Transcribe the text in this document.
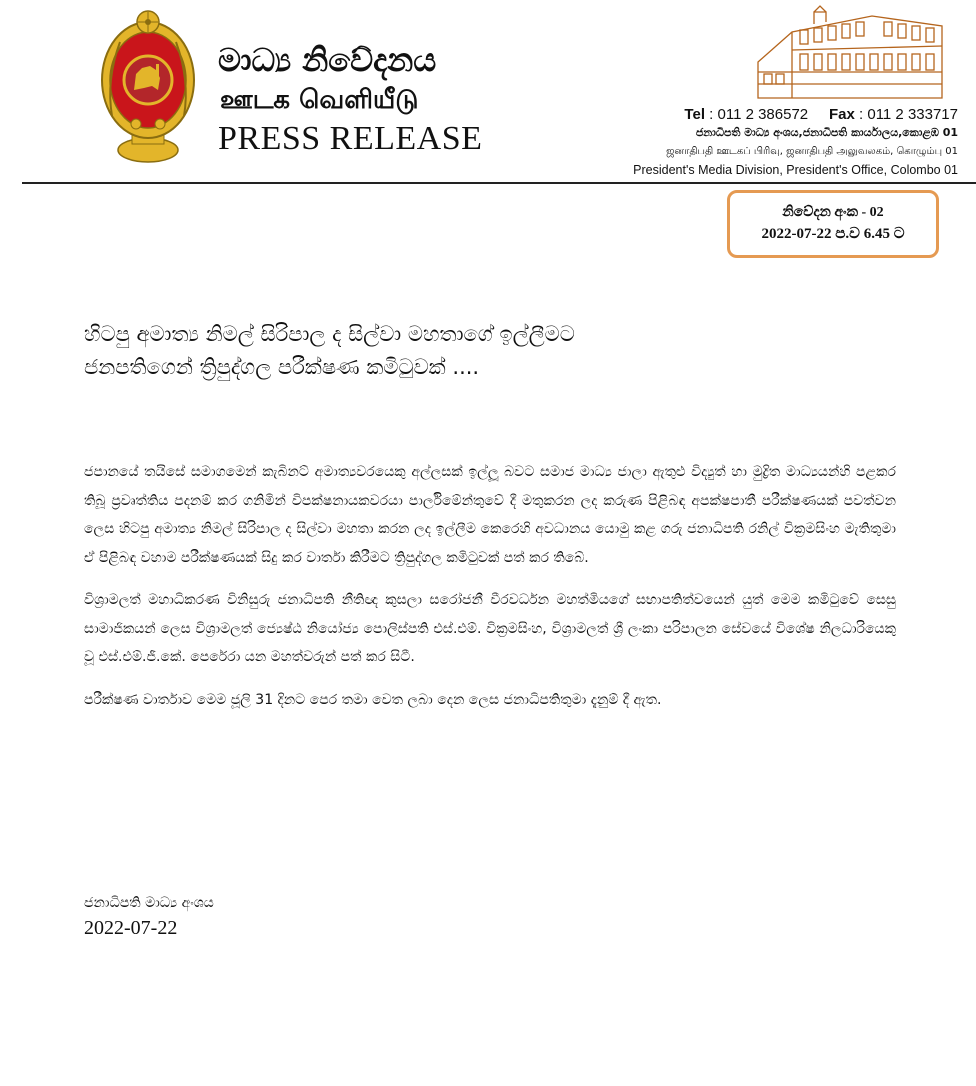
මාධ්‍ය නිවේදනය
ஊடக வெளியீடு
PRESS RELEASE
Tel : 011 2 386572 Fax : 011 2 333717
ජනාධිපති මාධ්‍ය අංශය,ජනාධිපති කාර්යාලය,කොළඹ 01
ஜனாதிபதி ஊடகப் பிரிவு, ஜனாதிபதி அலுவலகம், கொழும்பு 01
President's Media Division, President's Office, Colombo 01
නිවේදන අංක - 02
2022-07-22 ප.ව 6.45 ට
හිටපු අමාත්‍ය නිමල් සිරිපාල ද සිල්වා මහතාගේ ඉල්ලීමට
ජනපතිගෙන් ත්‍රිපුද්ගල පරීක්ෂණ කමිටුවක් ....

ජපානයේ තයිසේ සමාගමෙන් කැබිනට් අමාත්‍යවරයෙකු අල්ලසක් ඉල්ලූ බවට සමාජ මාධ්‍ය ජාලා ඇතුළු විද්‍යුත් හා මුද්‍රිත මාධ්‍යයන්හි පළකර තිබූ ප්‍රවෘත්තිය පදනම් කර ගනිමින් විපක්ෂනායකවරයා පාර්ලිමේන්තුවේ දී මතුකරන ලද කරුණ පිළිබඳ අපක්ෂපාතී පරීක්ෂණයක් පවත්වන ලෙස හිටපු අමාත්‍ය නිමල් සිරිපාල ද සිල්වා මහතා කරන ලද ඉල්ලීම කෙරෙහි අවධානය යොමු කළ ගරු ජනාධිපති රනිල් වික්‍රමසිංහ මැතිතුමා ඒ පිළිබඳ වහාම පරීක්ෂණයක් සිදු කර වාර්තා කිරීමට ත්‍රිපුද්ගල කමිටුවක් පත් කර තිබේ.

විශ්‍රාමලත් මහාධිකරණ විනිසුරු ජනාධිපති නීතිඥ කුසලා සරෝජනී වීරවර්ධන මහත්මියගේ සභාපතිත්වයෙන් යුත් මෙම කමිටුවේ සෙසු සාමාජිකයන් ලෙස විශ්‍රාමලත් ජ්‍යෙෂ්ඨ නියෝජ්‍ය පොලිස්පති එස්.එම්. වික්‍රමසිංහ, විශ්‍රාමලත් ශ්‍රී ලංකා පරිපාලන සේවයේ විශේෂ නිලධාරියෙකු වූ එස්.එම්.ජී.කේ. පෙරේරා යන මහත්වරුන් පත් කර සිටී.

පරීක්ෂණ වාර්තාව මෙම ජූලි 31 දිනට පෙර තමා වෙත ලබා දෙන ලෙස ජනාධිපතිතුමා දැනුම් දී ඇත.

ජනාධිපති මාධ්‍ය අංශය
2022-07-22
